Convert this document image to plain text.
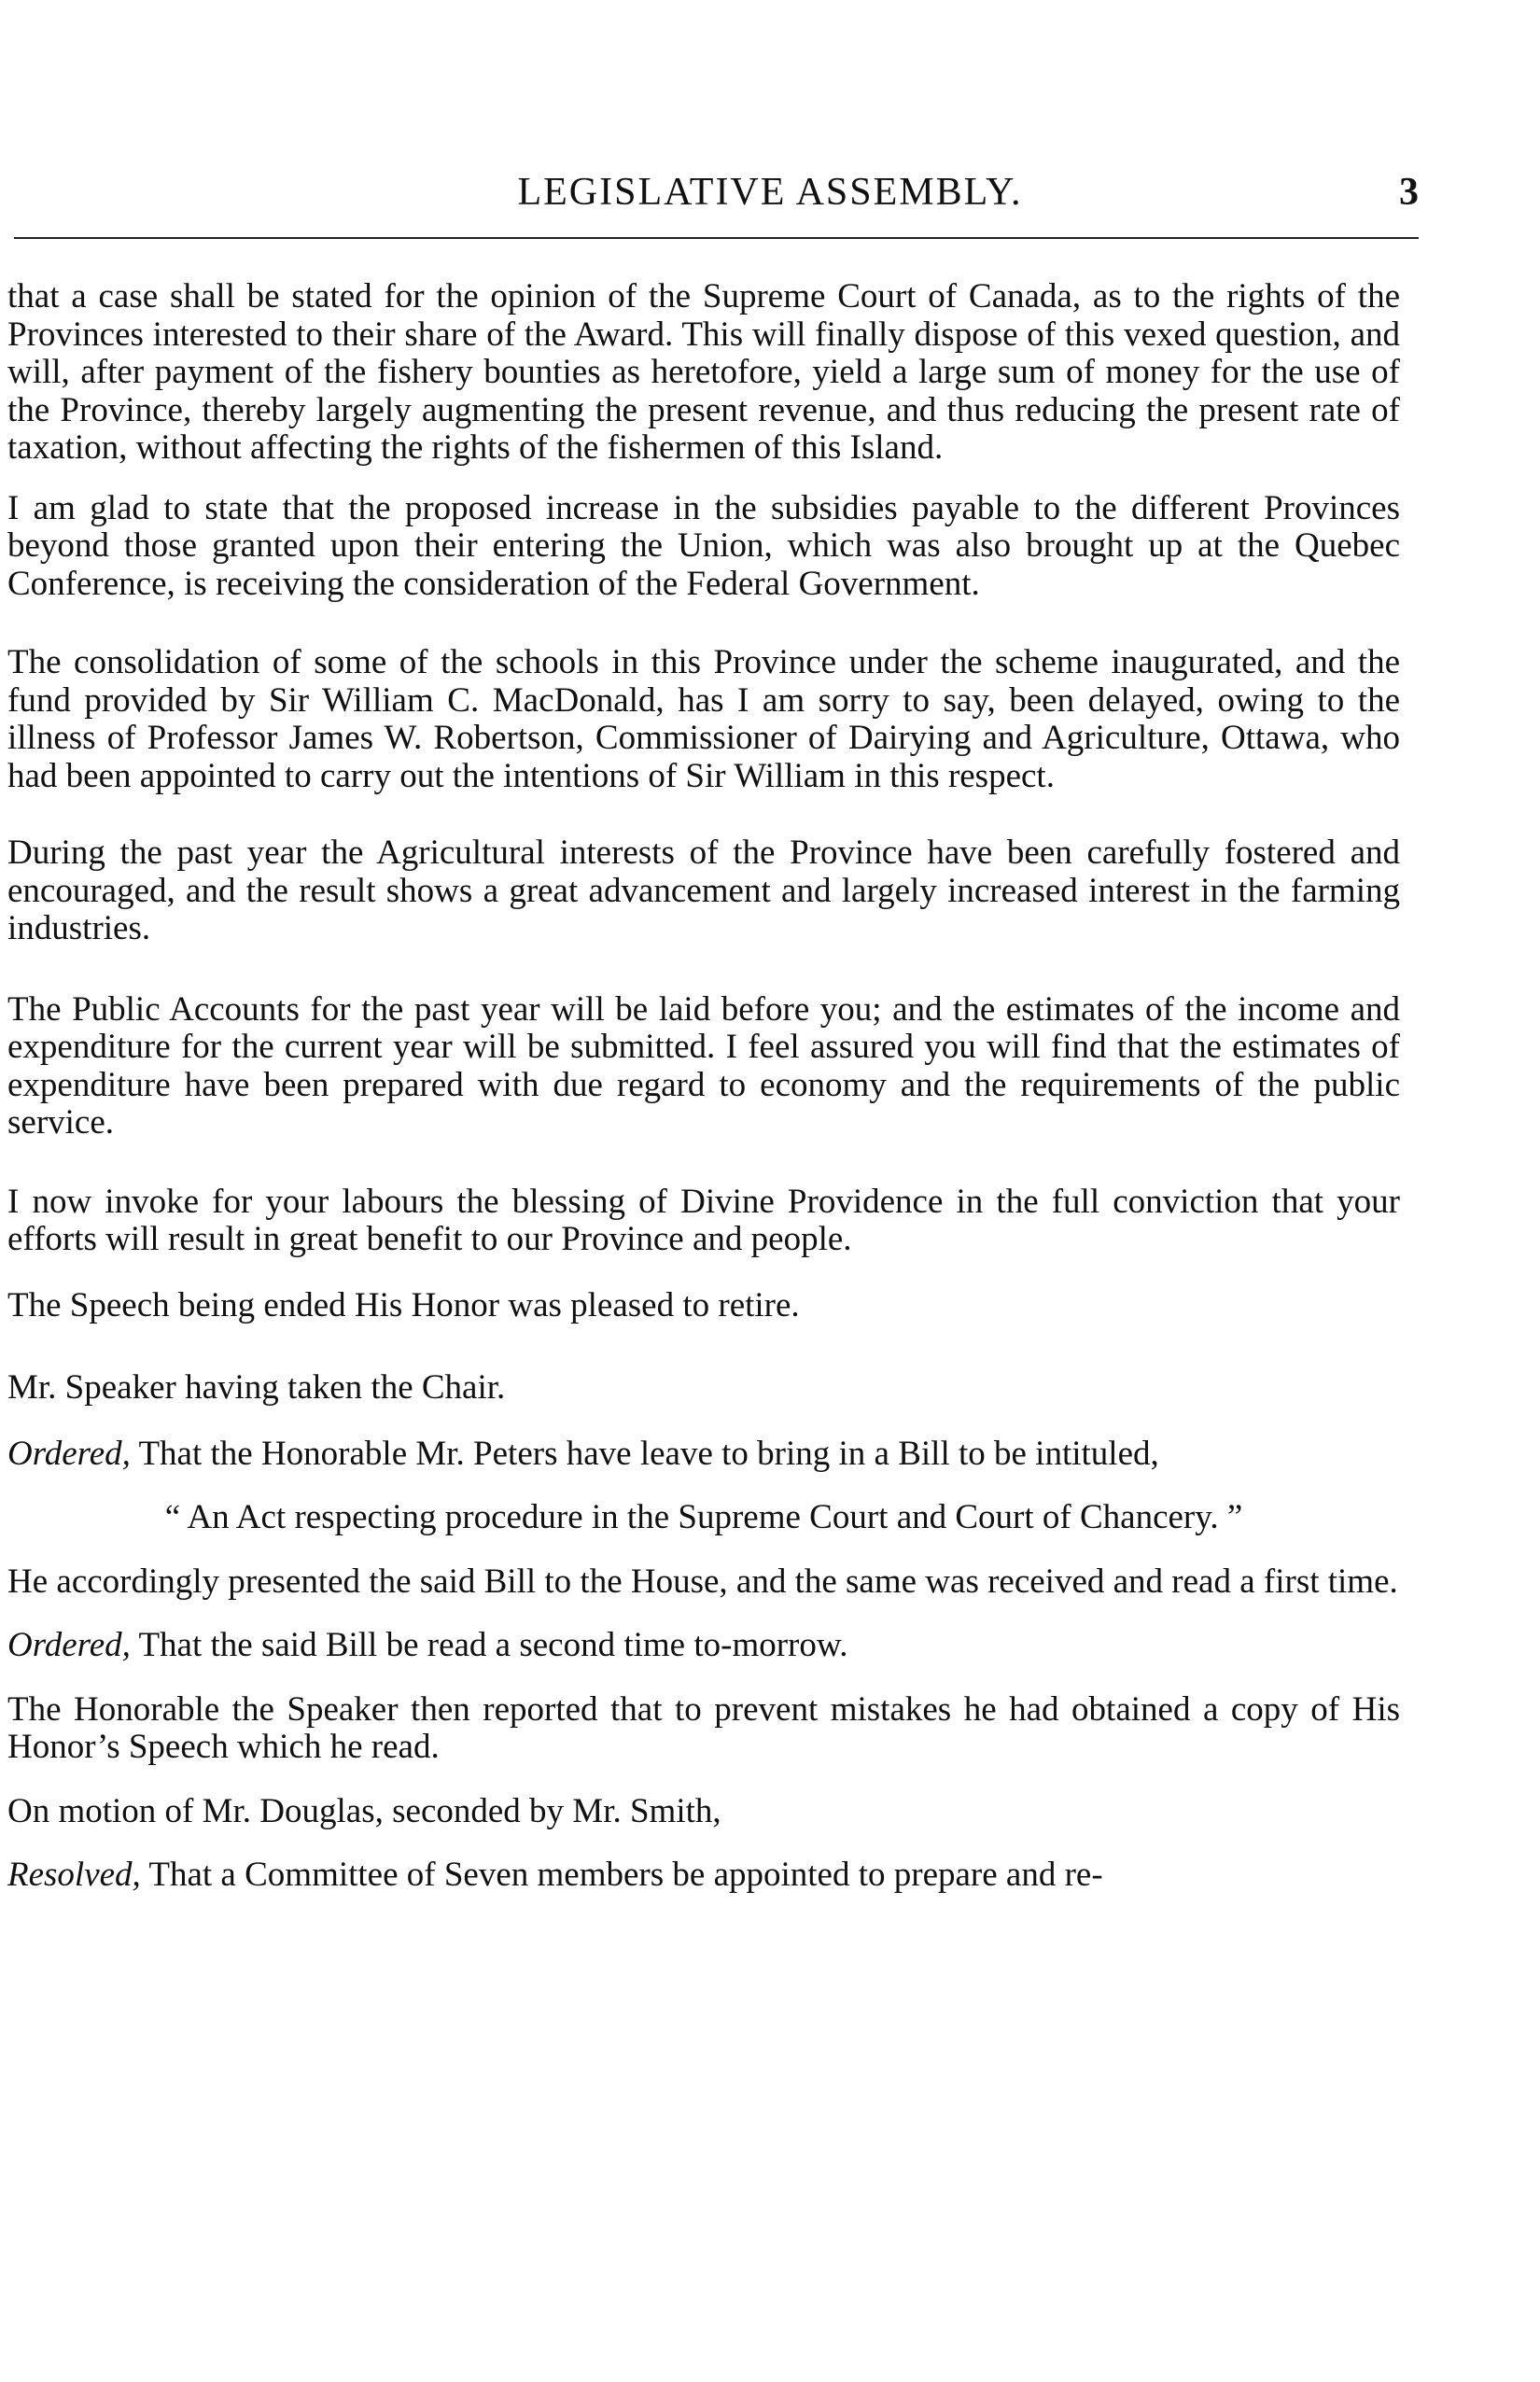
LEGISLATIVE ASSEMBLY.	3

that a case shall be stated for the opinion of the Supreme Court of Canada, as to the rights of the Provinces interested to their share of the Award. This will finally dispose of this vexed question, and will, after payment of the fishery bounties as heretofore, yield a large sum of money for the use of the Province, thereby largely augmenting the present revenue, and thus reducing the present rate of taxation, without affecting the rights of the fishermen of this Island.

I am glad to state that the proposed increase in the subsidies payable to the different Provinces beyond those granted upon their entering the Union, which was also brought up at the Quebec Conference, is receiving the consideration of the Federal Government.

The consolidation of some of the schools in this Province under the scheme inaugurated, and the fund provided by Sir William C. MacDonald, has I am sorry to say, been delayed, owing to the illness of Professor James W. Robertson, Commissioner of Dairying and Agriculture, Ottawa, who had been appointed to carry out the intentions of Sir William in this respect.

During the past year the Agricultural interests of the Province have been carefully fostered and encouraged, and the result shows a great advancement and largely increased interest in the farming industries.

The Public Accounts for the past year will be laid before you; and the estimates of the income and expenditure for the current year will be submitted. I feel assured you will find that the estimates of expenditure have been prepared with due regard to economy and the requirements of the public service.

I now invoke for your labours the blessing of Divine Providence in the full conviction that your efforts will result in great benefit to our Province and people.

The Speech being ended His Honor was pleased to retire.

Mr. Speaker having taken the Chair.

Ordered, That the Honorable Mr. Peters have leave to bring in a Bill to be intituled,

“ An Act respecting procedure in the Supreme Court and Court of Chancery. ”

He accordingly presented the said Bill to the House, and the same was received and read a first time.

Ordered, That the said Bill be read a second time to-morrow.

The Honorable the Speaker then reported that to prevent mistakes he had obtained a copy of His Honor’s Speech which he read.

On motion of Mr. Douglas, seconded by Mr. Smith,

Resolved, That a Committee of Seven members be appointed to prepare and re-
